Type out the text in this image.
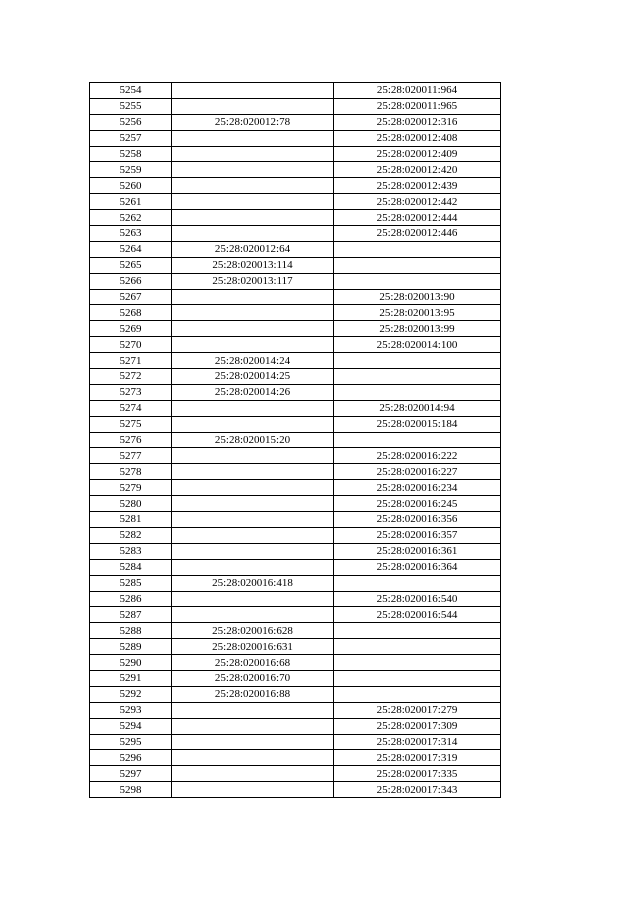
5254		25:28:020011:964
5255		25:28:020011:965
5256	25:28:020012:78	25:28:020012:316
5257		25:28:020012:408
5258		25:28:020012:409
5259		25:28:020012:420
5260		25:28:020012:439
5261		25:28:020012:442
5262		25:28:020012:444
5263		25:28:020012:446
5264	25:28:020012:64	
5265	25:28:020013:114	
5266	25:28:020013:117	
5267		25:28:020013:90
5268		25:28:020013:95
5269		25:28:020013:99
5270		25:28:020014:100
5271	25:28:020014:24	
5272	25:28:020014:25	
5273	25:28:020014:26	
5274		25:28:020014:94
5275		25:28:020015:184
5276	25:28:020015:20	
5277		25:28:020016:222
5278		25:28:020016:227
5279		25:28:020016:234
5280		25:28:020016:245
5281		25:28:020016:356
5282		25:28:020016:357
5283		25:28:020016:361
5284		25:28:020016:364
5285	25:28:020016:418	
5286		25:28:020016:540
5287		25:28:020016:544
5288	25:28:020016:628	
5289	25:28:020016:631	
5290	25:28:020016:68	
5291	25:28:020016:70	
5292	25:28:020016:88	
5293		25:28:020017:279
5294		25:28:020017:309
5295		25:28:020017:314
5296		25:28:020017:319
5297		25:28:020017:335
5298		25:28:020017:343
